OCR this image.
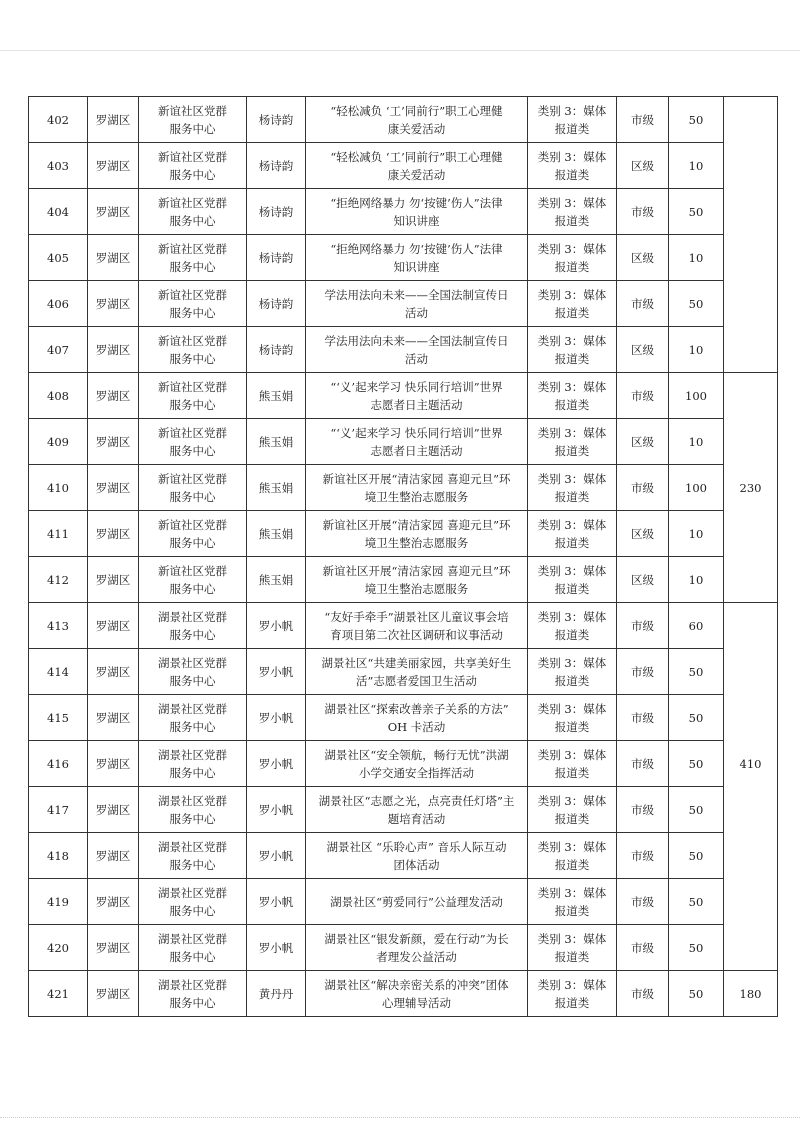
402	罗湖区	新谊社区党群
服务中心	杨诗韵	“轻松减负 ‘工’同前行”职工心理健
康关爱活动	类别 3：媒体
报道类	市级	50	
403	罗湖区	新谊社区党群
服务中心	杨诗韵	“轻松减负 ‘工’同前行”职工心理健
康关爱活动	类别 3：媒体
报道类	区级	10	
404	罗湖区	新谊社区党群
服务中心	杨诗韵	“拒绝网络暴力 勿‘按键’伤人”法律
知识讲座	类别 3：媒体
报道类	市级	50	
405	罗湖区	新谊社区党群
服务中心	杨诗韵	“拒绝网络暴力 勿‘按键’伤人”法律
知识讲座	类别 3：媒体
报道类	区级	10	
406	罗湖区	新谊社区党群
服务中心	杨诗韵	学法用法向未来——全国法制宣传日
活动	类别 3：媒体
报道类	市级	50	
407	罗湖区	新谊社区党群
服务中心	杨诗韵	学法用法向未来——全国法制宣传日
活动	类别 3：媒体
报道类	区级	10	
408	罗湖区	新谊社区党群
服务中心	熊玉娟	“‘义’起来学习 快乐同行培训”世界
志愿者日主题活动	类别 3：媒体
报道类	市级	100	
409	罗湖区	新谊社区党群
服务中心	熊玉娟	“‘义’起来学习 快乐同行培训”世界
志愿者日主题活动	类别 3：媒体
报道类	区级	10	
410	罗湖区	新谊社区党群
服务中心	熊玉娟	新谊社区开展“清洁家园 喜迎元旦”环
境卫生整治志愿服务	类别 3：媒体
报道类	市级	100	230
411	罗湖区	新谊社区党群
服务中心	熊玉娟	新谊社区开展“清洁家园 喜迎元旦”环
境卫生整治志愿服务	类别 3：媒体
报道类	区级	10	
412	罗湖区	新谊社区党群
服务中心	熊玉娟	新谊社区开展“清洁家园 喜迎元旦”环
境卫生整治志愿服务	类别 3：媒体
报道类	区级	10	
413	罗湖区	湖景社区党群
服务中心	罗小帆	“友好手牵手”湖景社区儿童议事会培
育项目第二次社区调研和议事活动	类别 3：媒体
报道类	市级	60	
414	罗湖区	湖景社区党群
服务中心	罗小帆	湖景社区“共建美丽家园，共享美好生
活”志愿者爱国卫生活动	类别 3：媒体
报道类	市级	50	
415	罗湖区	湖景社区党群
服务中心	罗小帆	湖景社区“探索改善亲子关系的方法”
OH 卡活动	类别 3：媒体
报道类	市级	50	
416	罗湖区	湖景社区党群
服务中心	罗小帆	湖景社区“安全领航，畅行无忧”洪湖
小学交通安全指挥活动	类别 3：媒体
报道类	市级	50	410
417	罗湖区	湖景社区党群
服务中心	罗小帆	湖景社区“志愿之光，点亮责任灯塔”主
题培育活动	类别 3：媒体
报道类	市级	50	
418	罗湖区	湖景社区党群
服务中心	罗小帆	湖景社区 “乐聆心声” 音乐人际互动
团体活动	类别 3：媒体
报道类	市级	50	
419	罗湖区	湖景社区党群
服务中心	罗小帆	湖景社区“剪爱同行”公益理发活动	类别 3：媒体
报道类	市级	50	
420	罗湖区	湖景社区党群
服务中心	罗小帆	湖景社区“银发新颜，爱在行动”为长
者理发公益活动	类别 3：媒体
报道类	市级	50	
421	罗湖区	湖景社区党群
服务中心	黄丹丹	湖景社区“解决亲密关系的冲突”团体
心理辅导活动	类别 3：媒体
报道类	市级	50	180
